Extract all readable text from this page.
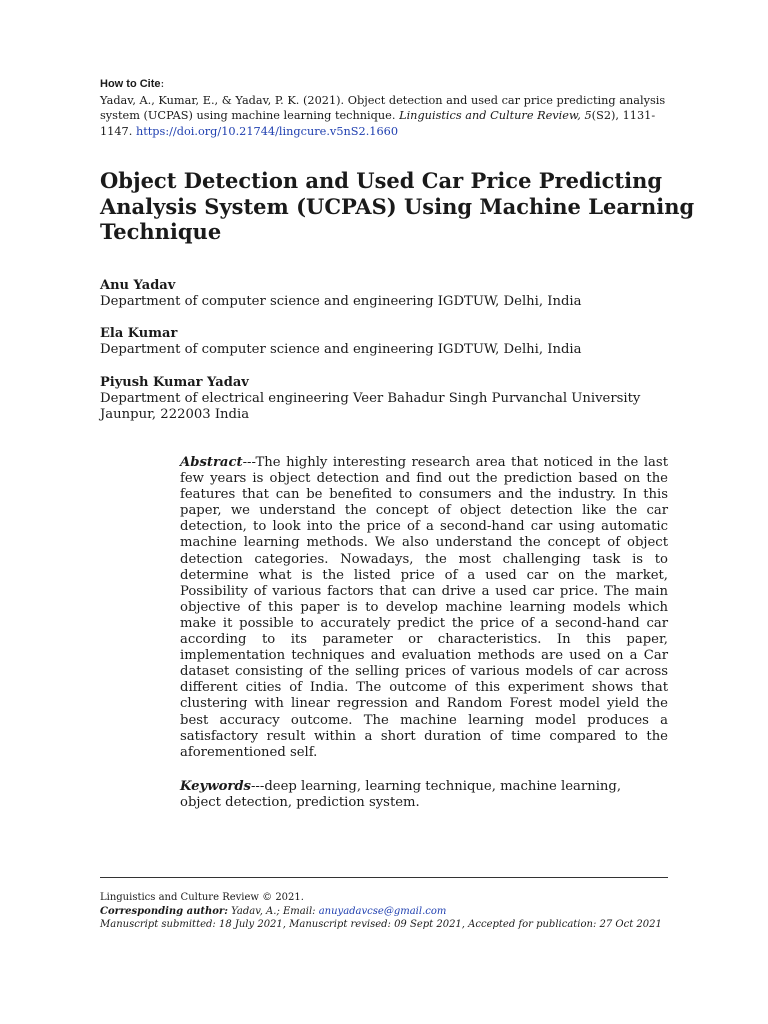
How to Cite:
Yadav, A., Kumar, E., & Yadav, P. K. (2021). Object detection and used car price predicting analysis system (UCPAS) using machine learning technique. Linguistics and Culture Review, 5(S2), 1131-1147. https://doi.org/10.21744/lingcure.v5nS2.1660
Object Detection and Used Car Price Predicting Analysis System (UCPAS) Using Machine Learning Technique
Anu Yadav
Department of computer science and engineering IGDTUW, Delhi, India
Ela Kumar
Department of computer science and engineering IGDTUW, Delhi, India
Piyush Kumar Yadav
Department of electrical engineering Veer Bahadur Singh Purvanchal University Jaunpur, 222003 India
Abstract---The highly interesting research area that noticed in the last few years is object detection and find out the prediction based on the features that can be benefited to consumers and the industry. In this paper, we understand the concept of object detection like the car detection, to look into the price of a second-hand car using automatic machine learning methods. We also understand the concept of object detection categories. Nowadays, the most challenging task is to determine what is the listed price of a used car on the market, Possibility of various factors that can drive a used car price. The main objective of this paper is to develop machine learning models which make it possible to accurately predict the price of a second-hand car according to its parameter or characteristics. In this paper, implementation techniques and evaluation methods are used on a Car dataset consisting of the selling prices of various models of car across different cities of India. The outcome of this experiment shows that clustering with linear regression and Random Forest model yield the best accuracy outcome. The machine learning model produces a satisfactory result within a short duration of time compared to the aforementioned self.
Keywords---deep learning, learning technique, machine learning, object detection, prediction system.
Linguistics and Culture Review © 2021.
Corresponding author: Yadav, A.; Email: anuyadavcse@gmail.com
Manuscript submitted: 18 July 2021, Manuscript revised: 09 Sept 2021, Accepted for publication: 27 Oct 2021
